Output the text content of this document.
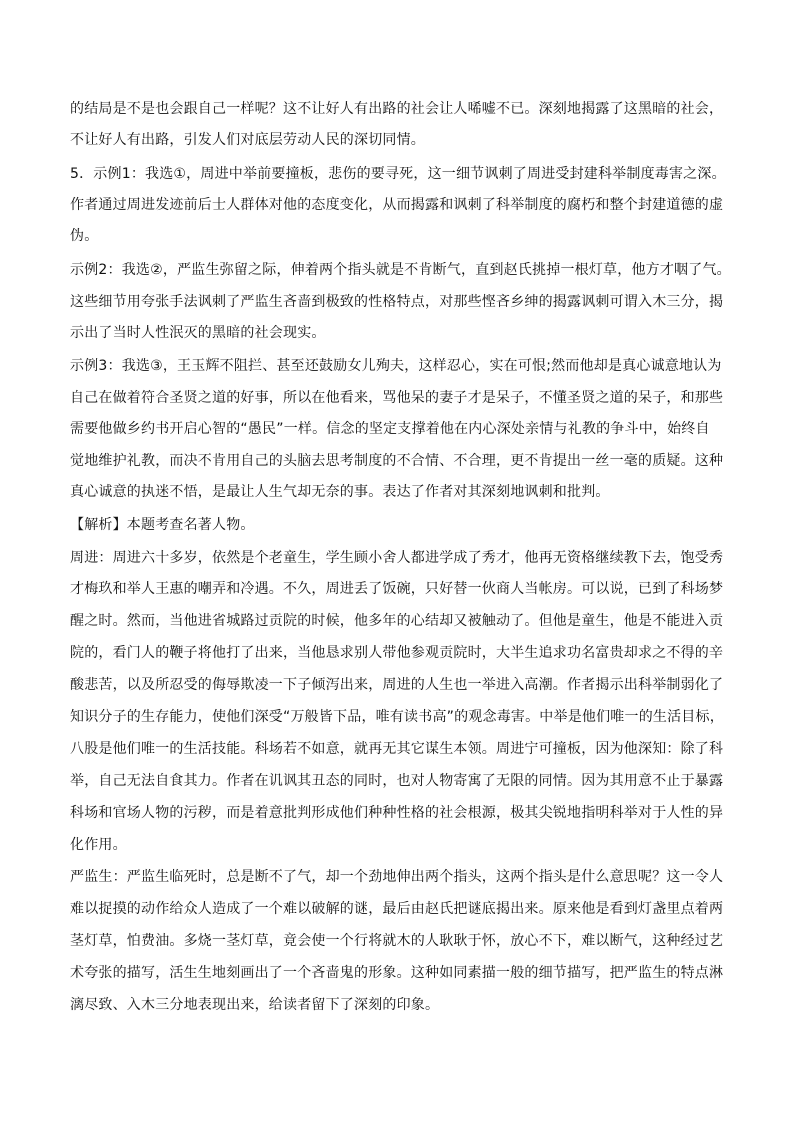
的结局是不是也会跟自己一样呢？这不让好人有出路的社会让人唏嘘不已。深刻地揭露了这黑暗的社会，
不让好人有出路，引发人们对底层劳动人民的深切同情。
5．示例1：我选①，周进中举前要撞板，悲伤的要寻死，这一细节讽刺了周进受封建科举制度毒害之深。
作者通过周进发迹前后士人群体对他的态度变化，从而揭露和讽刺了科举制度的腐朽和整个封建道德的虚
伪。
示例2：我选②，严监生弥留之际，伸着两个指头就是不肯断气，直到赵氏挑掉一根灯草，他方才咽了气。
这些细节用夸张手法讽刺了严监生吝啬到极致的性格特点，对那些悭吝乡绅的揭露讽刺可谓入木三分，揭
示出了当时人性泯灭的黑暗的社会现实。
示例3：我选③，王玉辉不阻拦、甚至还鼓励女儿殉夫，这样忍心，实在可恨;然而他却是真心诚意地认为
自己在做着符合圣贤之道的好事，所以在他看来，骂他呆的妻子才是呆子，不懂圣贤之道的呆子，和那些
需要他做乡约书开启心智的“愚民”一样。信念的坚定支撑着他在内心深处亲情与礼教的争斗中，始终自
觉地维护礼教，而决不肯用自己的头脑去思考制度的不合情、不合理，更不肯提出一丝一毫的质疑。这种
真心诚意的执迷不悟，是最让人生气却无奈的事。表达了作者对其深刻地讽刺和批判。
【解析】本题考查名著人物。
周进：周进六十多岁，依然是个老童生，学生顾小舍人都进学成了秀才，他再无资格继续教下去，饱受秀
才梅玖和举人王惠的嘲弄和冷遇。不久，周进丢了饭碗，只好替一伙商人当帐房。可以说，已到了科场梦
醒之时。然而，当他进省城路过贡院的时候，他多年的心结却又被触动了。但他是童生，他是不能进入贡
院的，看门人的鞭子将他打了出来，当他恳求别人带他参观贡院时，大半生追求功名富贵却求之不得的辛
酸悲苦，以及所忍受的侮辱欺凌一下子倾泻出来，周进的人生也一举进入高潮。作者揭示出科举制弱化了
知识分子的生存能力，使他们深受“万般皆下品，唯有读书高”的观念毒害。中举是他们唯一的生活目标，
八股是他们唯一的生活技能。科场若不如意，就再无其它谋生本领。周进宁可撞板，因为他深知：除了科
举，自己无法自食其力。作者在讥讽其丑态的同时，也对人物寄寓了无限的同情。因为其用意不止于暴露
科场和官场人物的污秽，而是着意批判形成他们种种性格的社会根源，极其尖锐地指明科举对于人性的异
化作用。
严监生：严监生临死时，总是断不了气，却一个劲地伸出两个指头，这两个指头是什么意思呢？这一令人
难以捉摸的动作给众人造成了一个难以破解的谜，最后由赵氏把谜底揭出来。原来他是看到灯盏里点着两
茎灯草，怕费油。多烧一茎灯草，竟会使一个行将就木的人耿耿于怀，放心不下，难以断气，这种经过艺
术夸张的描写，活生生地刻画出了一个吝啬鬼的形象。这种如同素描一般的细节描写，把严监生的特点淋
漓尽致、入木三分地表现出来，给读者留下了深刻的印象。
